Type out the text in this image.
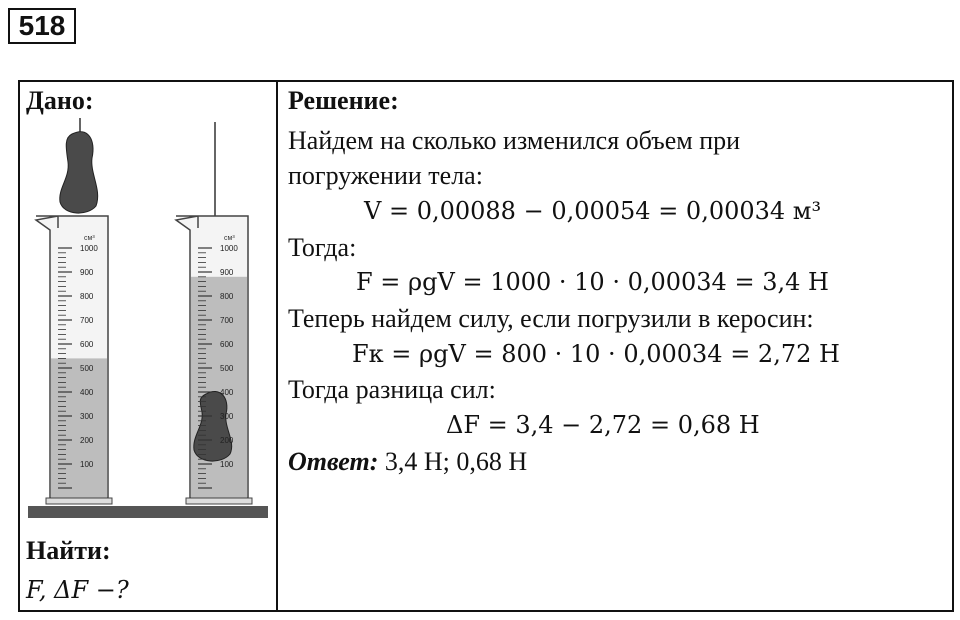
518
Дано:
см³
1000
900
800
700
600
500
400
300
200
100
см³
1000
900
800
700
600
500
400
300
200
100
Найти:
F, ΔF −?
Решение:
Найдем на сколько изменился объем при
погружении тела:
V = 0,00088 − 0,00054 = 0,00034 м³
Тогда:
F = ρgV = 1000 · 10 · 0,00034 = 3,4 Н
Теперь найдем силу, если погрузили в керосин:
Fк = ρgV = 800 · 10 · 0,00034 = 2,72 Н
Тогда разница сил:
ΔF = 3,4 − 2,72 = 0,68 Н
Ответ: 3,4 Н; 0,68 Н
